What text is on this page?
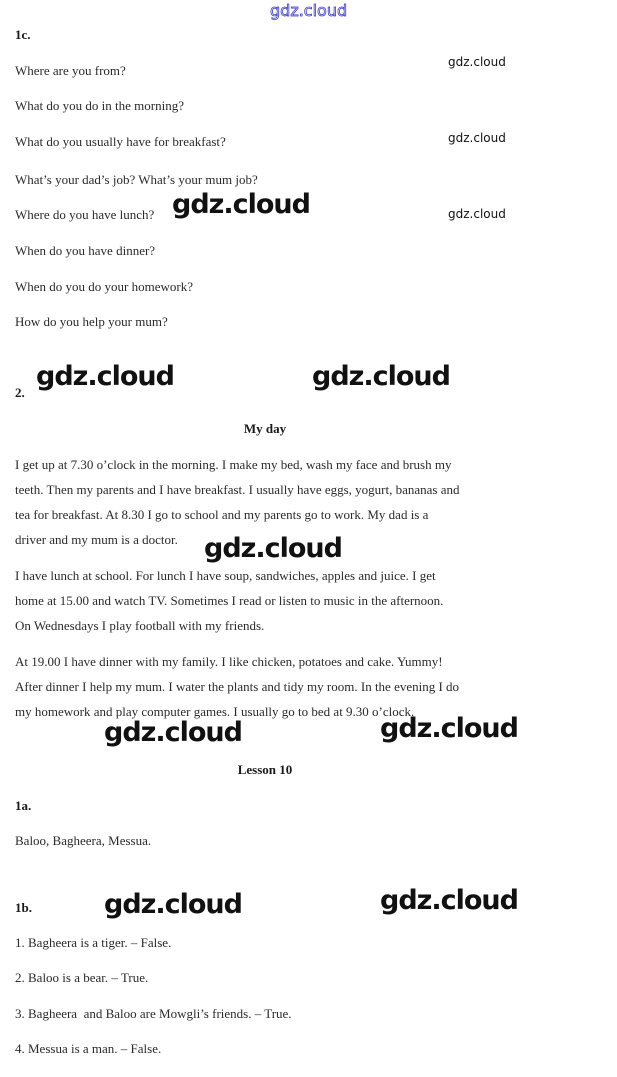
gdz.cloud
gdz.cloud
gdz.cloud
gdz.cloud
1c.
Where are you from?
What do you do in the morning?
What do you usually have for breakfast?
What’s your dad’s job? What’s your mum job?
Where do you have lunch?
When do you have dinner?
When do you do your homework?
How do you help your mum?
2.
My day
I get up at 7.30 o’clock in the morning. I make my bed, wash my face and brush my
teeth. Then my parents and I have breakfast. I usually have eggs, yogurt, bananas and
tea for breakfast. At 8.30 I go to school and my parents go to work. My dad is a
driver and my mum is a doctor.
I have lunch at school. For lunch I have soup, sandwiches, apples and juice. I get
home at 15.00 and watch TV. Sometimes I read or listen to music in the afternoon.
On Wednesdays I play football with my friends.
At 19.00 I have dinner with my family. I like chicken, potatoes and cake. Yummy!
After dinner I help my mum. I water the plants and tidy my room. In the evening I do
my homework and play computer games. I usually go to bed at 9.30 o’clock.
Lesson 10
1a.
Baloo, Bagheera, Messua.
1b.
1. Bagheera is a tiger. – False.
2. Baloo is a bear. – True.
3. Bagheera  and Baloo are Mowgli’s friends. – True.
4. Messua is a man. – False.
gdz.cloud
gdz.cloud	gdz.cloud
gdz.cloud
gdz.cloud	gdz.cloud
gdz.cloud	gdz.cloud
